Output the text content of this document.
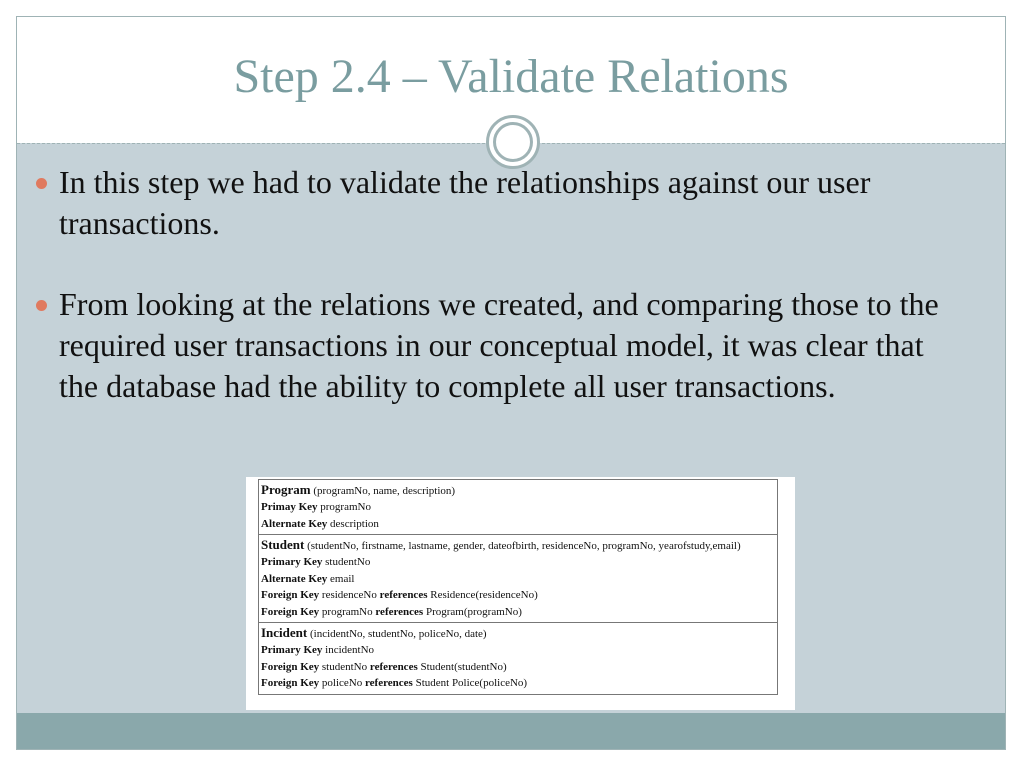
Step 2.4 – Validate Relations
In this step we had to validate the relationships against our user transactions.
From looking at the relations we created, and comparing those to the required user transactions in our conceptual model, it was clear that the database had the ability to complete all user transactions.
Program (programNo, name, description)
Primay Key programNo
Alternate Key description
Student (studentNo, firstname, lastname, gender, dateofbirth, residenceNo, programNo, yearofstudy,email)
Primary Key studentNo
Alternate Key email
Foreign Key residenceNo references Residence(residenceNo)
Foreign Key programNo references Program(programNo)
Incident (incidentNo, studentNo, policeNo, date)
Primary Key incidentNo
Foreign Key studentNo references Student(studentNo)
Foreign Key policeNo references Student Police(policeNo)
